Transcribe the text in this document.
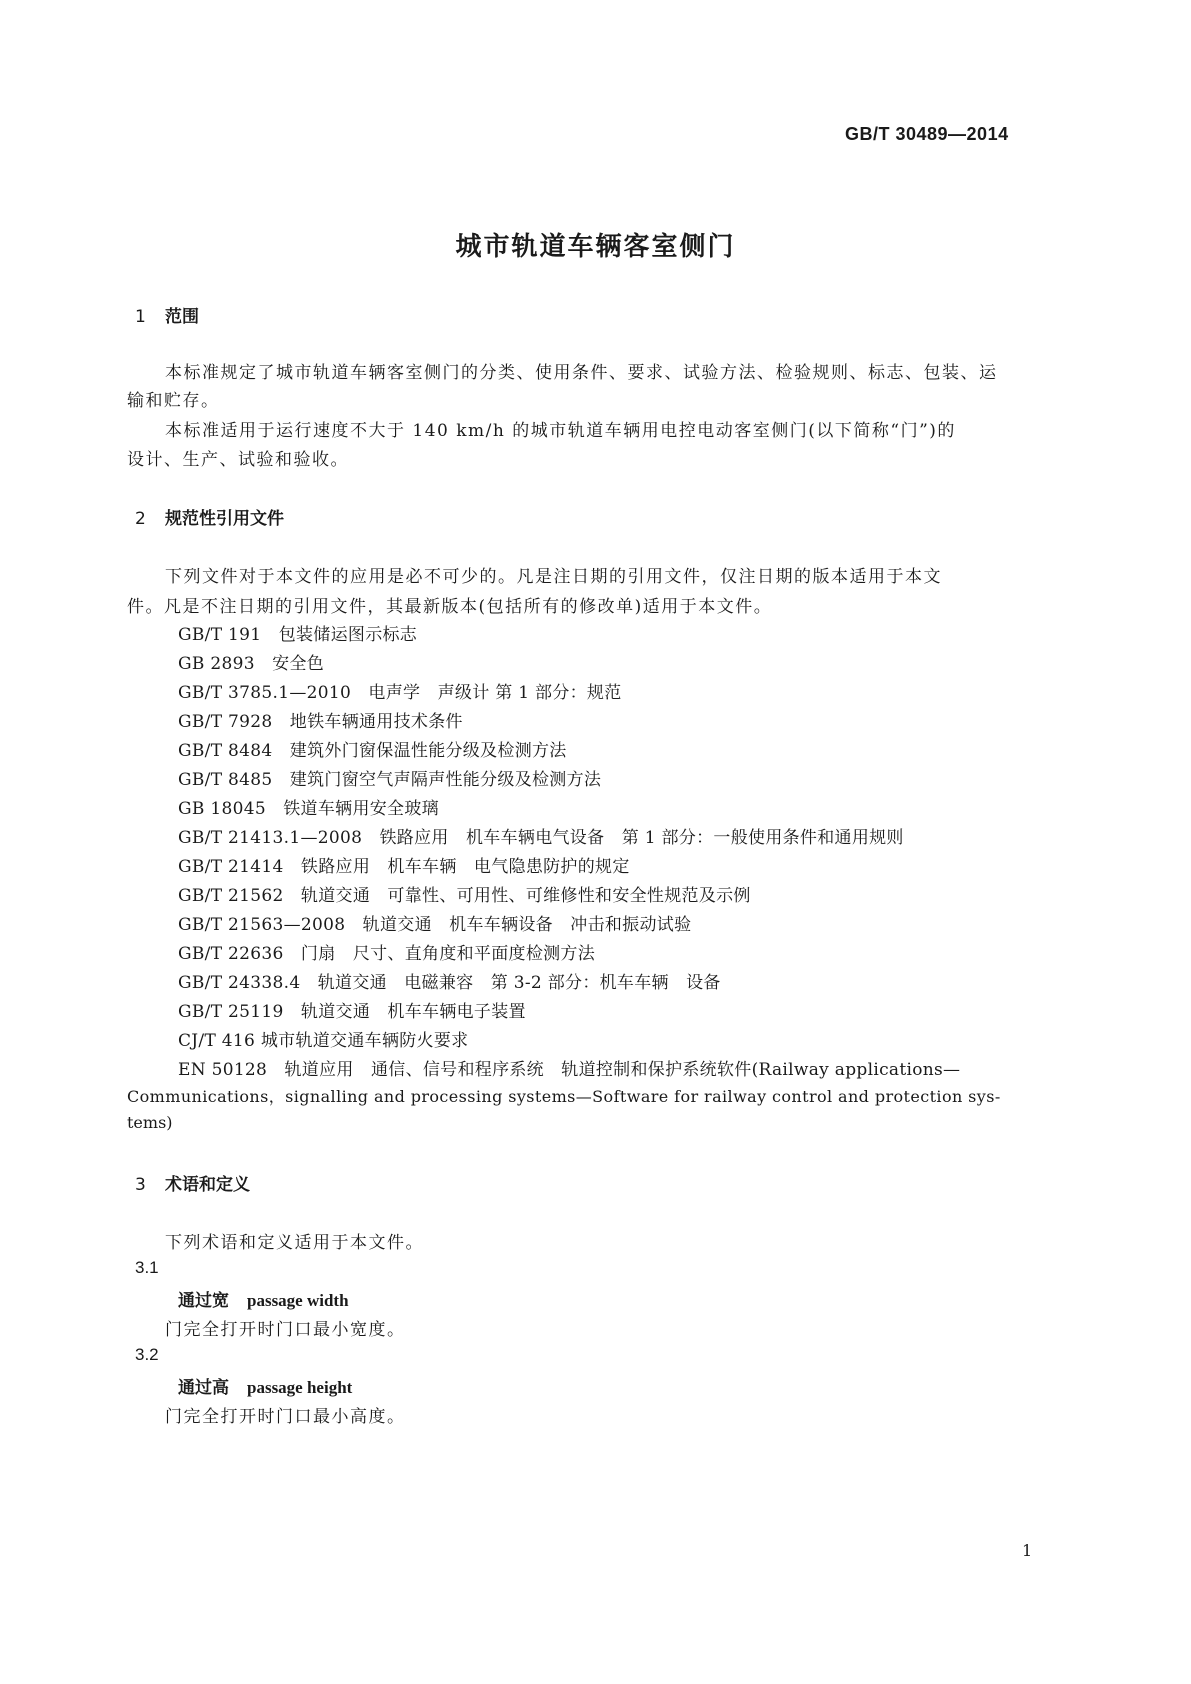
GB/T 30489—2014
城市轨道车辆客室侧门
1 范围
本标准规定了城市轨道车辆客室侧门的分类、使用条件、要求、试验方法、检验规则、标志、包装、运
输和贮存。
本标准适用于运行速度不大于 140 km/h 的城市轨道车辆用电控电动客室侧门(以下简称“门”)的
设计、生产、试验和验收。
2 规范性引用文件
下列文件对于本文件的应用是必不可少的。凡是注日期的引用文件，仅注日期的版本适用于本文
件。凡是不注日期的引用文件，其最新版本(包括所有的修改单)适用于本文件。
GB/T 191　包装储运图示标志
GB 2893　安全色
GB/T 3785.1—2010　电声学　声级计 第 1 部分：规范
GB/T 7928　地铁车辆通用技术条件
GB/T 8484　建筑外门窗保温性能分级及检测方法
GB/T 8485　建筑门窗空气声隔声性能分级及检测方法
GB 18045　铁道车辆用安全玻璃
GB/T 21413.1—2008　铁路应用　机车车辆电气设备　第 1 部分：一般使用条件和通用规则
GB/T 21414　铁路应用　机车车辆　电气隐患防护的规定
GB/T 21562　轨道交通　可靠性、可用性、可维修性和安全性规范及示例
GB/T 21563—2008　轨道交通　机车车辆设备　冲击和振动试验
GB/T 22636　门扇　尺寸、直角度和平面度检测方法
GB/T 24338.4　轨道交通　电磁兼容　第 3-2 部分：机车车辆　设备
GB/T 25119　轨道交通　机车车辆电子装置
CJ/T 416 城市轨道交通车辆防火要求
EN 50128　轨道应用　通信、信号和程序系统　轨道控制和保护系统软件(Railway applications—
Communications，signalling and processing systems—Software for railway control and protection sys-
tems)
3 术语和定义
下列术语和定义适用于本文件。
3.1
通过宽 passage width
门完全打开时门口最小宽度。
3.2
通过高 passage height
门完全打开时门口最小高度。
1
